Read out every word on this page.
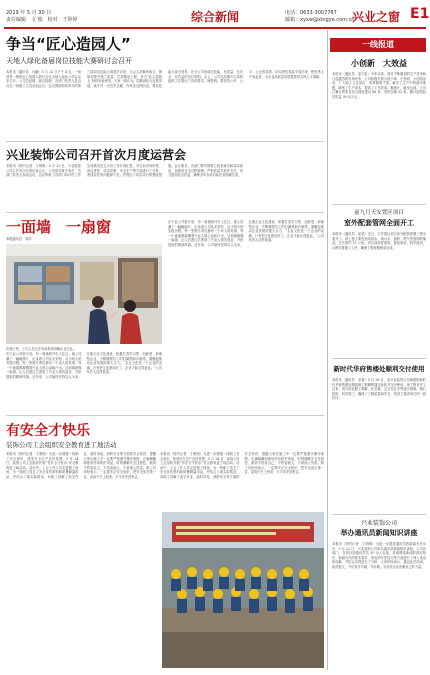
2019 年 5 月 30 日
责任编辑　文 俊　校对　王婷婷	综合新闻	电话：0633-3007767
邮箱：xyxw@xingye.com.cn
兴业之窗 E1
争当“匠心造园人”
天地人绿化备届岗位技能大赛研讨会召开
本报讯（通讯员　石鹏）5 月 25 日下午 4 点，一场别具一格的匠心造园人研讨会在天地人绿化公司会议室召开。公司总经理、副总经理、各部门负责人及近百名一线施工人员参加会议。会议围绕即将举办的第三届岗位技能大赛展开讨论，与会人员畅所欲言，就如何提升施工质量、打造精品工程、争当“匠心造园人”纷纷发表意见。大家一致认为，园林绿化行业要发展，离不开一支技术过硬、作风优良的队伍，要以技能大赛为契机，在全公司形成比技能、比质量、比安全、比效益的良好氛围。会上，公司总经理对大赛的组织工作提出了具体要求，他强调，要坚持公开、公平、公正的原则，切实把技术能手选出来，把优秀人才用起来，为企业高质量发展提供坚实的人才保障。
兴业装饰公司召开首次月度运营会
本报讯（特约记者　王明明）5 月 23 日，兴业装饰公司召开首次月度运营会议，公司领导班子成员、各部门负责人参加会议。会议听取了各部门四月份工作完成情况及五月份工作计划汇报，对当前市场形势、项目进度、成本控制、安全生产等方面进行了分析，查找存在的问题和不足，并提出了切实可行的整改措施。会议要求，各部门要牢固树立经营意识和成本意识，加强项目全过程管理，严把质量关和安全关，努力提高经济效益，确保全年各项目标任务圆满完成。
一面墙　一扇窗
本报通讯员　凤洋
在展厅里，工作人员正在向参观者讲解企业文化。
在兴业公司展厅里，有一面墙格外引人注目。墙上挂满了一幅幅照片，记录着公司从无到有、从小到大的发展历程。每一张照片背后都有一个动人的故事，每一个画面都凝聚着兴业人的心血和汗水。这面墙就像一扇窗，让人们透过它看到了兴业人艰苦创业、开拓进取的精神风貌。近年来，公司始终坚持以人为本，注重企业文化建设，积极打造学习型、创新型、和谐型企业，不断增强员工的归属感和自豪感，凝聚起推动企业发展的强大合力。“企业文化是一个企业的灵魂，只有把文化建设好了，企业才能走得更远。”公司负责人这样说道。
在兴业公司展厅里，有一面墙格外引人注目。墙上挂满了一幅幅照片，记录着公司从无到有、从小到大的发展历程。每一张照片背后都有一个动人的故事，每一个画面都凝聚着兴业人的心血和汗水。这面墙就像一扇窗，让人们透过它看到了兴业人艰苦创业、开拓进取的精神风貌。近年来，公司始终坚持以人为本，注重企业文化建设，积极打造学习型、创新型、和谐型企业，不断增强员工的归属感和自豪感，凝聚起推动企业发展的强大合力。“企业文化是一个企业的灵魂，只有把文化建设好了，企业才能走得更远。”公司负责人这样说道。
有安全才快乐
装饰公司工会组织安全教育进工地活动
本报讯（特约记者　王明明）为进一步增强一线职工安全意识，营造安全生产良好氛围，5 月 24 日，装饰公司工会组织开展“有安全才快乐”安全教育进工地活动。活动中，工会工作人员走进施工现场，为一线职工送去了安全宣传资料和防暑降温用品，并结合工地实际情况，向职工讲解了高空作业、临时用电、消防安全等方面的安全知识，提醒大家在施工中一定要严格遵守操作规程，正确佩戴和使用劳动防护用品，时刻绷紧安全这根弦，做到不伤害自己、不伤害他人、不被他人伤害。职工们纷纷表示，一定要牢记安全知识，把安全放在第一位，高高兴兴上班来，平平安安回家去。
本报讯（特约记者　王明明）为进一步增强一线职工安全意识，营造安全生产良好氛围，5 月 24 日，装饰公司工会组织开展“有安全才快乐”安全教育进工地活动。活动中，工会工作人员走进施工现场，为一线职工送去了安全宣传资料和防暑降温用品，并结合工地实际情况，向职工讲解了高空作业、临时用电、消防安全等方面的安全知识，提醒大家在施工中一定要严格遵守操作规程，正确佩戴和使用劳动防护用品，时刻绷紧安全这根弦，做到不伤害自己、不伤害他人、不被他人伤害。职工们纷纷表示，一定要牢记安全知识，把安全放在第一位，高高兴兴上班来，平平安安回家去。
一线报道
小创新　大效益
本报讯（通讯员　蓝天虹）今年以来，面对不断增加的生产任务和日趋激烈的市场竞争，公司积极开展小改小革、小发明、小创造活动，广大职工立足岗位、发挥聪明才智，解决了生产中的诸多难题，降低了生产成本，提高了工作效率。据统计，截至目前，公司已累计收集各类合理化建议 86 条，采纳实施 52 条，累计创造经济效益 30 余万元。
前九月天安置区项目
室外配套管网全面开工
本报讯（通讯员　崔梁）近日，天安置区项目室外配套管网工程全面开工。该工程主要包括给排水、雨污水、消防、燃气等管网的铺设，总长度约 12 公里。项目部高度重视，提前谋划，科学组织，合理安排施工工序，确保工程按期保质完成。
新时代华府售楼处顺利交付使用
本报讯（通讯员　单蕾）5 月 28 日，由兴业装饰公司承建的新时代华府售楼处精装修工程顺利通过验收并交付使用。该工程自开工以来，项目部克服工期紧、任务重、交叉作业多等诸多困难，精心组织，科学施工，确保了工程质量和安全，受到了建设单位的一致好评。
兴业装饰公司
举办通讯员新闻知识讲座
本报讯（特约记者　王明明）为进一步提高通讯员的新闻写作水平，5 月 22 日，兴业装饰公司举办通讯员新闻知识讲座，公司各部门、各项目部通讯员共 30 余人参加。讲座围绕新闻的基本知识、新闻写作的基本要求、消息的写作技巧等方面进行了深入浅出的讲解，并结合实例进行了分析。大家纷纷表示，通过此次培训，收获很大，今后将多写稿、写好稿，为宣传企业贡献自己的力量。
